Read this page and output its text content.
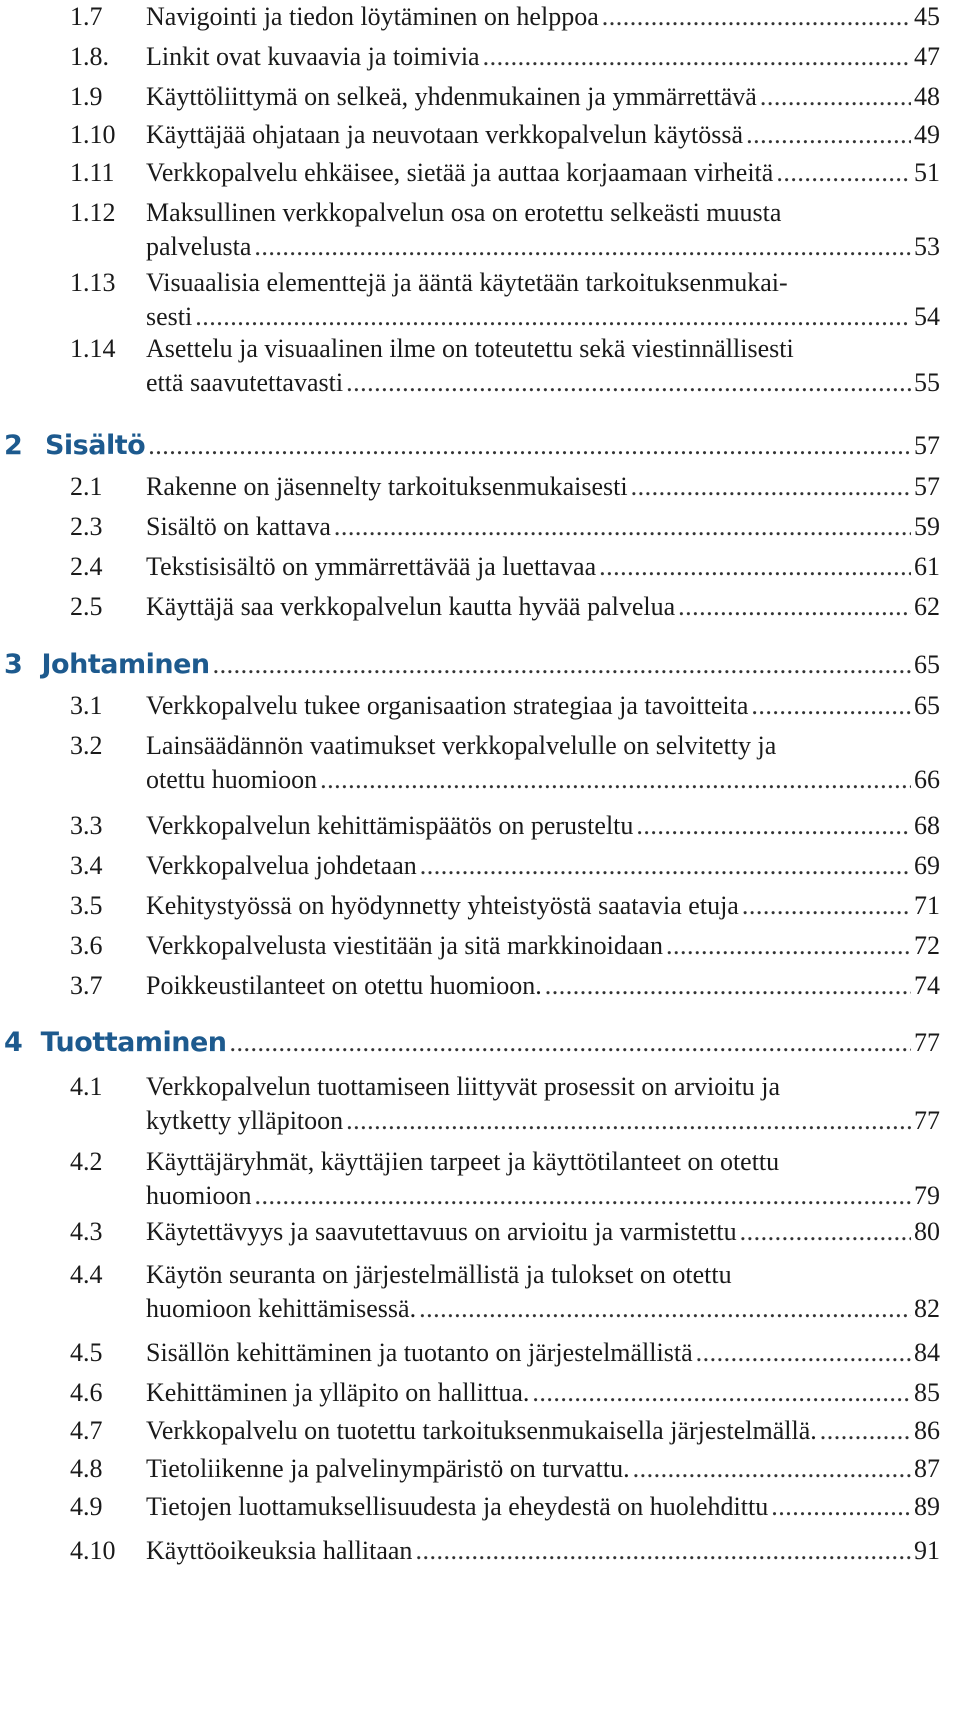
1.7 Navigointi ja tiedon löytäminen on helppoa . . .	45
1.8. Linkit ovat kuvaavia ja toimivia . . .	47
1.9 Käyttöliittymä on selkeä, yhdenmukainen ja ymmärrettävä . . .	48
1.10 Käyttäjää ohjataan ja neuvotaan verkkopalvelun käytössä . . .	49
1.11 Verkkopalvelu ehkäisee, sietää ja auttaa korjaamaan virheitä . . .	51
1.12 Maksullinen verkkopalvelun osa on erotettu selkeästi muusta
palvelusta . . .	53
1.13 Visuaalisia elementtejä ja ääntä käytetään tarkoituksenmukai-
sesti . . .	54
1.14 Asettelu ja visuaalinen ilme on toteutettu sekä viestinnällisesti
että saavutettavasti . . .	55
2 Sisältö . . .	57
2.1 Rakenne on jäsennelty tarkoituksenmukaisesti . . .	57
2.3 Sisältö on kattava . . .	59
2.4 Tekstisisältö on ymmärrettävää ja luettavaa . . .	61
2.5 Käyttäjä saa verkkopalvelun kautta hyvää palvelua . . .	62
3 Johtaminen . . .	65
3.1 Verkkopalvelu tukee organisaation strategiaa ja tavoitteita . . .	65
3.2 Lainsäädännön vaatimukset verkkopalvelulle on selvitetty ja
otettu huomioon . . .	66
3.3 Verkkopalvelun kehittämispäätös on perusteltu . . .	68
3.4 Verkkopalvelua johdetaan . . .	69
3.5 Kehitystyössä on hyödynnetty yhteistyöstä saatavia etuja . . .	71
3.6 Verkkopalvelusta viestitään ja sitä markkinoidaan . . .	72
3.7 Poikkeustilanteet on otettu huomioon. . . .	74
4 Tuottaminen . . .	77
4.1 Verkkopalvelun tuottamiseen liittyvät prosessit on arvioitu ja
kytketty ylläpitoon . . .	77
4.2 Käyttäjäryhmät, käyttäjien tarpeet ja käyttötilanteet on otettu
huomioon . . .	79
4.3 Käytettävyys ja saavutettavuus on arvioitu ja varmistettu . . .	80
4.4 Käytön seuranta on järjestelmällistä ja tulokset on otettu
huomioon kehittämisessä. . . .	82
4.5 Sisällön kehittäminen ja tuotanto on järjestelmällistä . . .	84
4.6 Kehittäminen ja ylläpito on hallittua. . . .	85
4.7 Verkkopalvelu on tuotettu tarkoituksenmukaisella järjestelmällä. . . .	86
4.8 Tietoliikenne ja palvelinympäristö on turvattu. . . .	87
4.9 Tietojen luottamuksellisuudesta ja eheydestä on huolehdittu . . .	89
4.10 Käyttöoikeuksia hallitaan . . .	91
